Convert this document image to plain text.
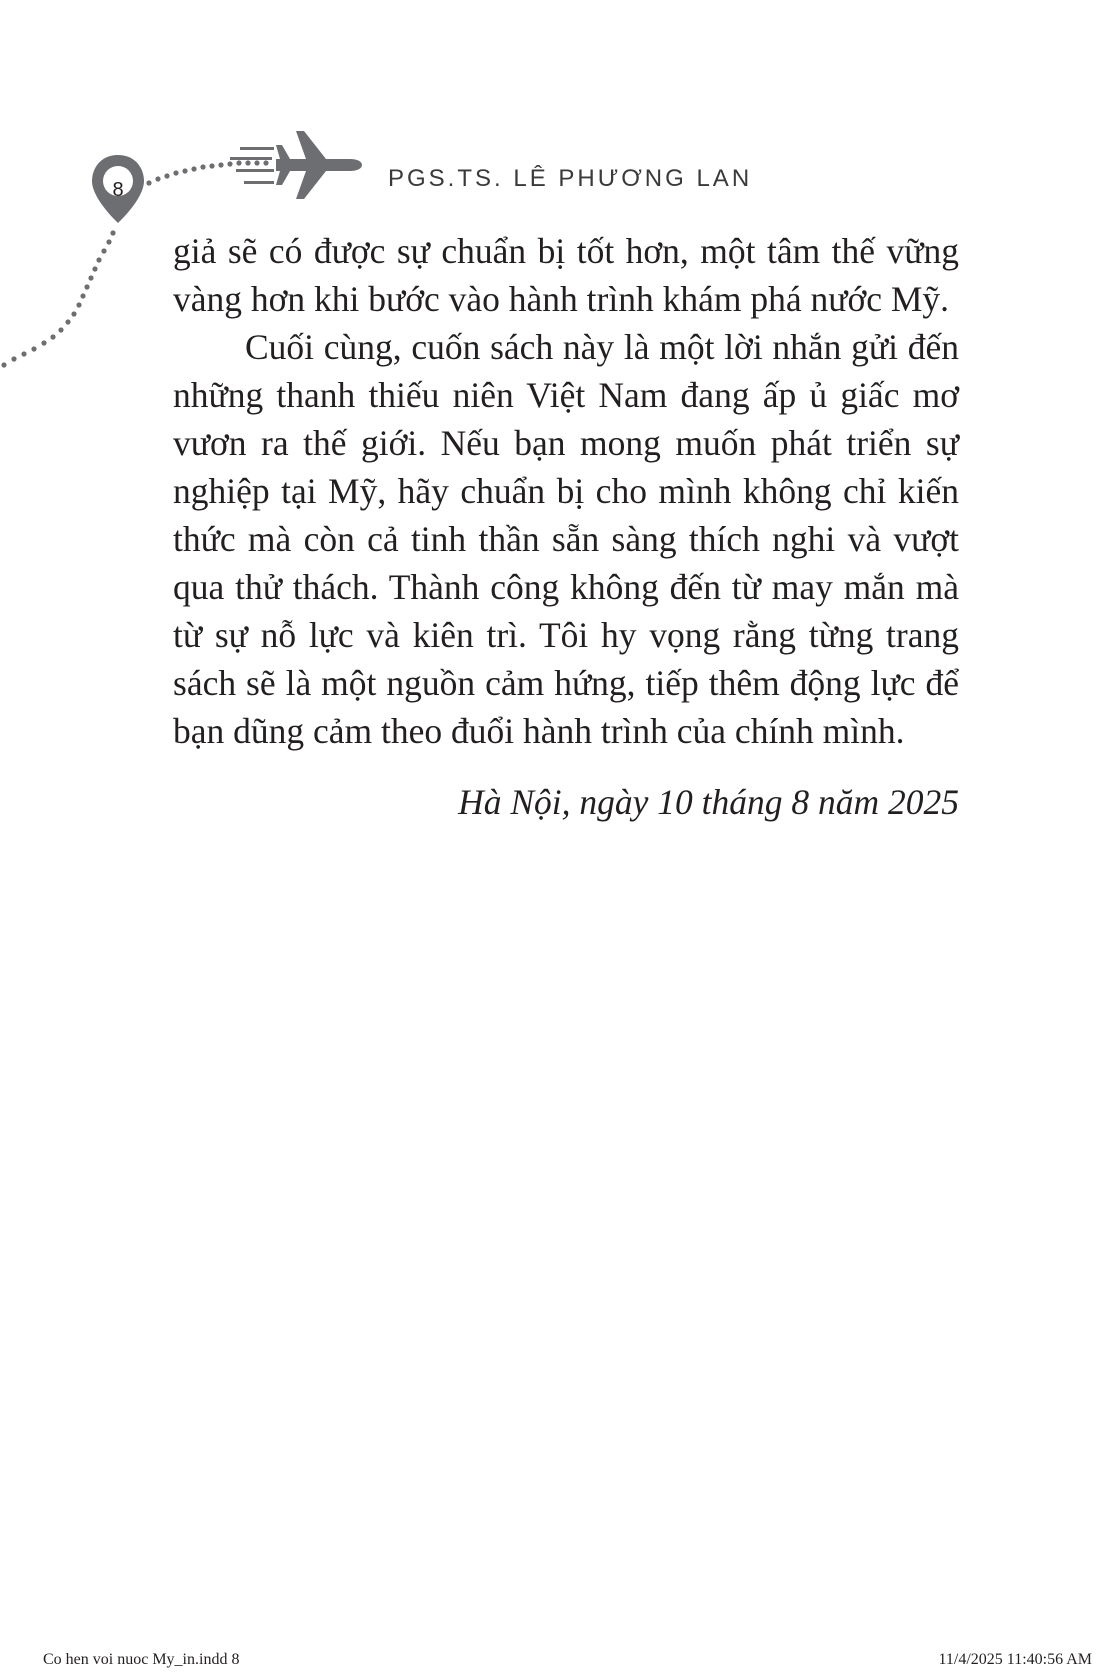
8	PGS.TS. LÊ PHƯƠNG LAN

giả sẽ có được sự chuẩn bị tốt hơn, một tâm thế vững vàng hơn khi bước vào hành trình khám phá nước Mỹ.

Cuối cùng, cuốn sách này là một lời nhắn gửi đến những thanh thiếu niên Việt Nam đang ấp ủ giấc mơ vươn ra thế giới. Nếu bạn mong muốn phát triển sự nghiệp tại Mỹ, hãy chuẩn bị cho mình không chỉ kiến thức mà còn cả tinh thần sẵn sàng thích nghi và vượt qua thử thách. Thành công không đến từ may mắn mà từ sự nỗ lực và kiên trì. Tôi hy vọng rằng từng trang sách sẽ là một nguồn cảm hứng, tiếp thêm động lực để bạn dũng cảm theo đuổi hành trình của chính mình.

Hà Nội, ngày 10 tháng 8 năm 2025
Co hen voi nuoc My_in.indd 8	11/4/2025 11:40:56 AM
